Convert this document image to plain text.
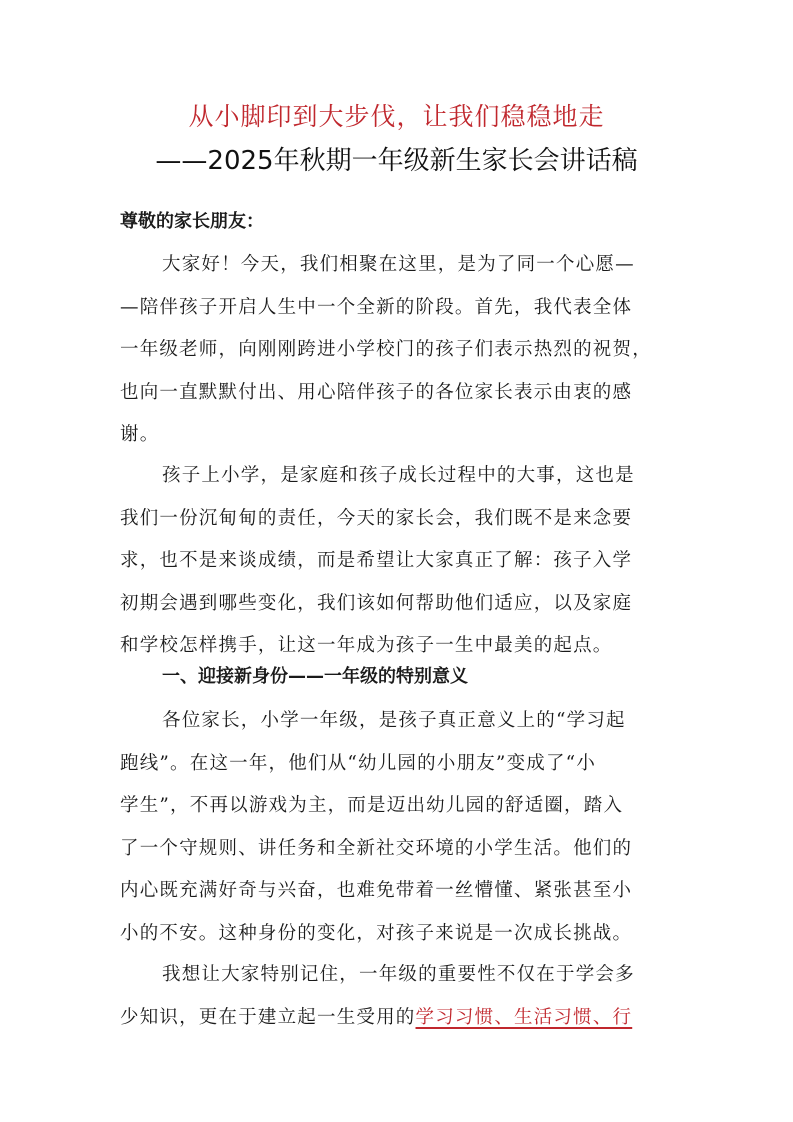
从小脚印到大步伐，让我们稳稳地走
——2025年秋期一年级新生家长会讲话稿
尊敬的家长朋友：
大家好！今天，我们相聚在这里，是为了同一个心愿—
—陪伴孩子开启人生中一个全新的阶段。首先，我代表全体
一年级老师，向刚刚跨进小学校门的孩子们表示热烈的祝贺，
也向一直默默付出、用心陪伴孩子的各位家长表示由衷的感
谢。
孩子上小学，是家庭和孩子成长过程中的大事，这也是
我们一份沉甸甸的责任，今天的家长会，我们既不是来念要
求，也不是来谈成绩，而是希望让大家真正了解：孩子入学
初期会遇到哪些变化，我们该如何帮助他们适应，以及家庭
和学校怎样携手，让这一年成为孩子一生中最美的起点。
一、迎接新身份——一年级的特别意义
各位家长，小学一年级，是孩子真正意义上的“学习起
跑线”。在这一年，他们从“幼儿园的小朋友”变成了“小
学生”，不再以游戏为主，而是迈出幼儿园的舒适圈，踏入
了一个守规则、讲任务和全新社交环境的小学生活。他们的
内心既充满好奇与兴奋，也难免带着一丝懵懂、紧张甚至小
小的不安。这种身份的变化，对孩子来说是一次成长挑战。
我想让大家特别记住，一年级的重要性不仅在于学会多
少知识，更在于建立起一生受用的学习习惯、生活习惯、行
